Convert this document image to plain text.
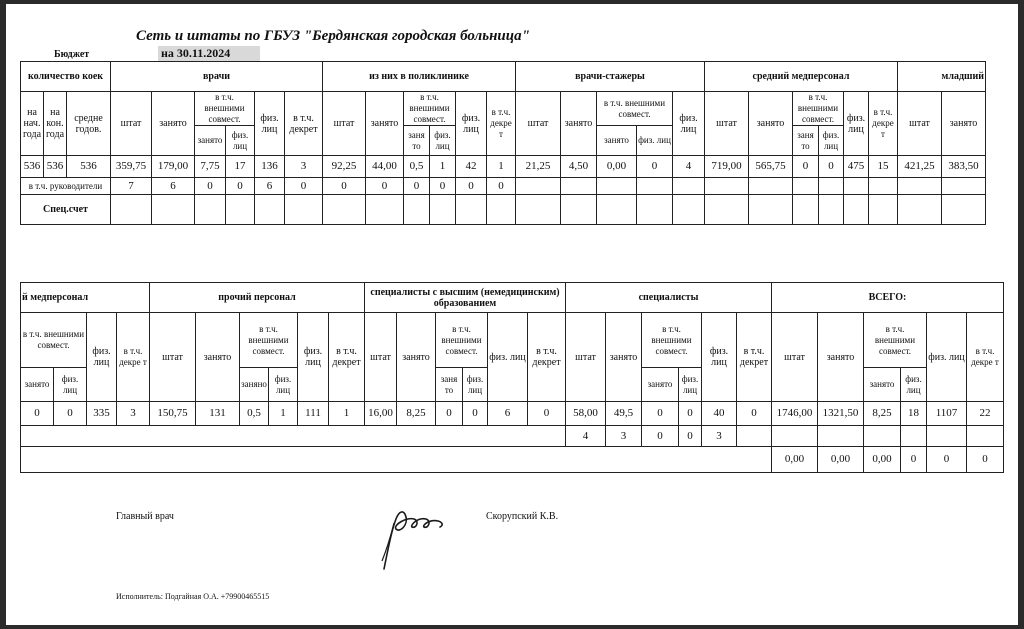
Сеть и штаты по ГБУЗ "Бердянская городская больница"
Бюджет	на 30.11.2024
количество коек			врачи						из них в поликлинике						врачи-стажеры					средний медперсонал						младший	
на нач. года	на кон. года	средне годов.	штат	занято	в т.ч. внешними совмест.		физ. лиц	в т.ч. декрет	штат	занято	в т.ч. внешними совмест.		физ. лиц	в т.ч. декре т	штат	занято	в т.ч. внешними совмест.		физ. лиц	штат	занято	в т.ч. внешними совмест.		физ. лиц	в т.ч. декре т	штат	занято
					занято	физ. лиц					заня то	физ. лиц					занято	физ. лиц				заня то	физ. лиц				
536	536	536	359,75	179,00	7,75	17	136	3	92,25	44,00	0,5	1	42	1	21,25	4,50	0,00	0	4	719,00	565,75	0	0	475	15	421,25	383,50
в т.ч. руководители			7	6	0	0	6	0	0	0	0	0	0	0													
Спец.счет																											
й медперсонал				прочий персонал						специалисты с высшим (немедицинским) образованием						специалисты						ВСЕГО:					
в т.ч. внешними совмест.		физ. лиц	в т.ч. декре т	штат	занято	в т.ч. внешними совмест.		физ. лиц	в т.ч. декрет	штат	занято	в т.ч. внешними совмест.		физ. лиц	в т.ч. декрет	штат	занято	в т.ч. внешними совмест.		физ. лиц	в т.ч. декрет	штат	занято	в т.ч. внешними совмест.		физ. лиц	в т.ч. декре т
занято	физ. лиц					заняно	физ. лиц					заня то	физ. лиц					занято	физ. лиц					занято	физ. лиц		
0	0	335	3	150,75	131	0,5	1	111	1	16,00	8,25	0	0	6	0	58,00	49,5	0	0	40	0	1746,00	1321,50	8,25	18	1107	22
																4	3	0	0	3							
																						0,00	0,00	0,00	0	0	0
Главный врач	Скорупский К.В.
Исполнитель: Подгайная О.А. +79900465515
